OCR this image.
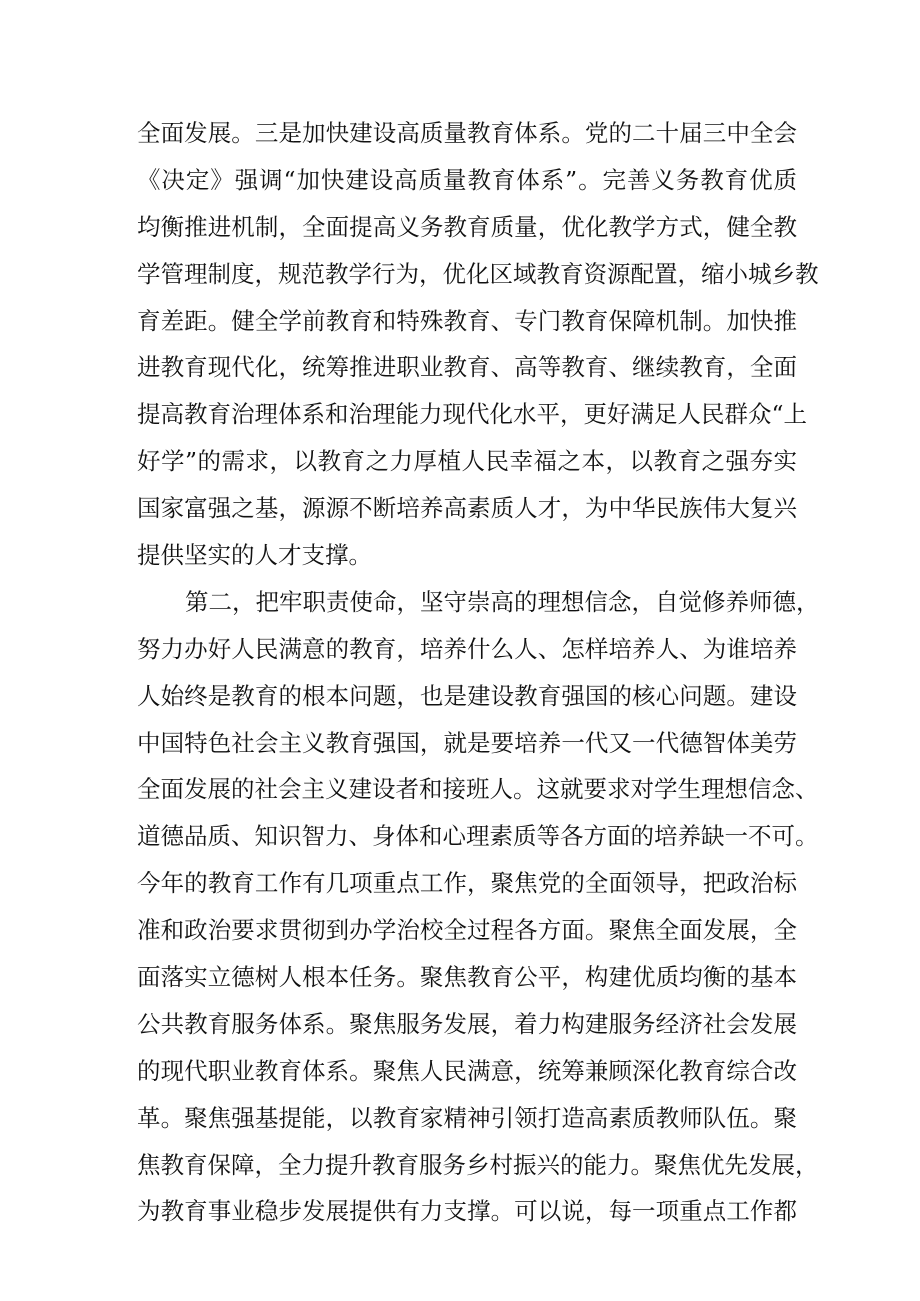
全面发展。三是加快建设高质量教育体系。党的二十届三中全会
《决定》强调“加快建设高质量教育体系”。完善义务教育优质
均衡推进机制，全面提高义务教育质量，优化教学方式，健全教
学管理制度，规范教学行为，优化区域教育资源配置，缩小城乡教
育差距。健全学前教育和特殊教育、专门教育保障机制。加快推
进教育现代化，统筹推进职业教育、高等教育、继续教育，全面
提高教育治理体系和治理能力现代化水平，更好满足人民群众“上
好学”的需求，以教育之力厚植人民幸福之本，以教育之强夯实
国家富强之基，源源不断培养高素质人才，为中华民族伟大复兴
提供坚实的人才支撑。
第二，把牢职责使命，坚守崇高的理想信念，自觉修养师德，
努力办好人民满意的教育，培养什么人、怎样培养人、为谁培养
人始终是教育的根本问题，也是建设教育强国的核心问题。建设
中国特色社会主义教育强国，就是要培养一代又一代德智体美劳
全面发展的社会主义建设者和接班人。这就要求对学生理想信念、
道德品质、知识智力、身体和心理素质等各方面的培养缺一不可。
今年的教育工作有几项重点工作，聚焦党的全面领导，把政治标
准和政治要求贯彻到办学治校全过程各方面。聚焦全面发展，全
面落实立德树人根本任务。聚焦教育公平，构建优质均衡的基本
公共教育服务体系。聚焦服务发展，着力构建服务经济社会发展
的现代职业教育体系。聚焦人民满意，统筹兼顾深化教育综合改
革。聚焦强基提能，以教育家精神引领打造高素质教师队伍。聚
焦教育保障，全力提升教育服务乡村振兴的能力。聚焦优先发展，
为教育事业稳步发展提供有力支撑。可以说，每一项重点工作都
